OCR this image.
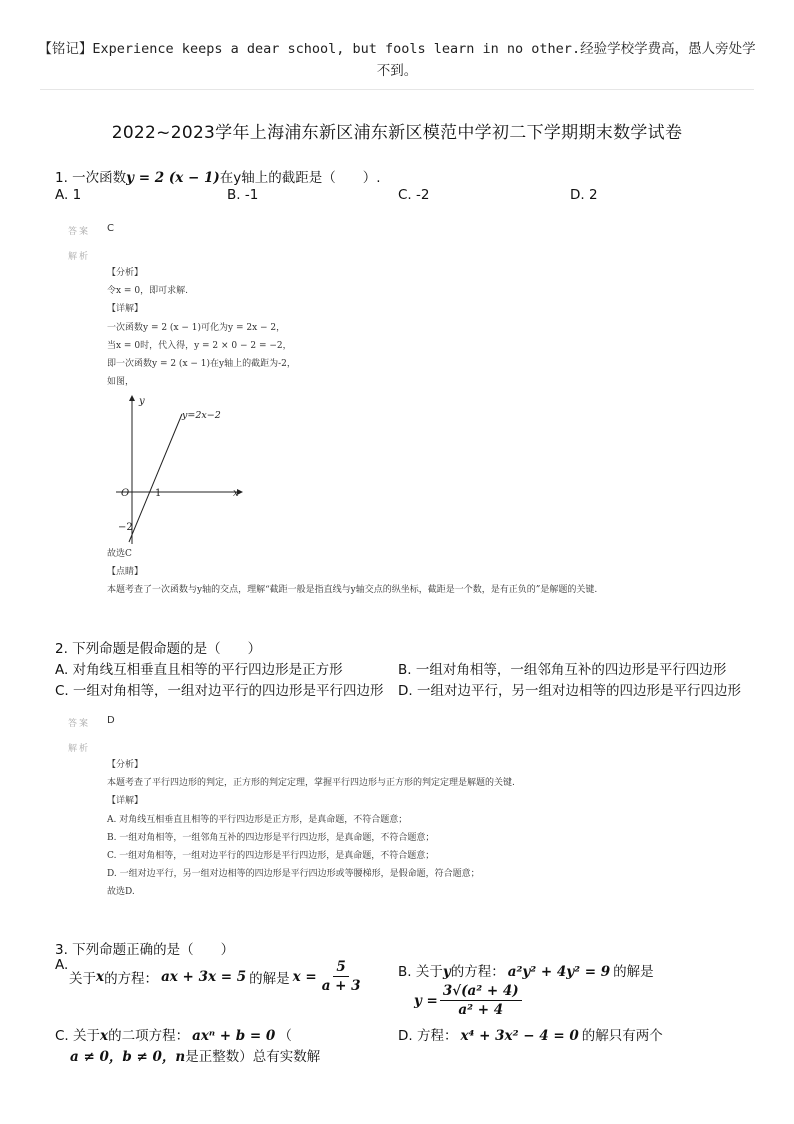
【铭记】Experience keeps a dear school, but fools learn in no other.经验学校学费高，愚人旁处学不到。
2022~2023学年上海浦东新区浦东新区模范中学初二下学期期末数学试卷
1. 一次函数y = 2 (x − 1)在y轴上的截距是（　　）.
A. 1	B. -1	C. -2	D. 2
答案 C
解析
【分析】
令x = 0，即可求解.
【详解】
一次函数y = 2 (x − 1)可化为y = 2x − 2，
当x = 0时，代入得，y = 2 × 0 − 2 = −2，
即一次函数y = 2 (x − 1)在y轴上的截距为-2，
如图，
y
x
O	1
−2
y=2x−2
故选C
【点睛】
本题考查了一次函数与y轴的交点，理解“截距一般是指直线与y轴交点的纵坐标，截距是一个数，是有正负的”是解题的关键.
2. 下列命题是假命题的是（　　）
A. 对角线互相垂直且相等的平行四边形是正方形	B. 一组对角相等，一组邻角互补的四边形是平行四边形
C. 一组对角相等，一组对边平行的四边形是平行四边形 D. 一组对边平行，另一组对边相等的四边形是平行四边形
答案 D
解析
【分析】
本题考查了平行四边形的判定，正方形的判定定理，掌握平行四边形与正方形的判定定理是解题的关键.
【详解】
A. 对角线互相垂直且相等的平行四边形是正方形，是真命题，不符合题意；
B. 一组对角相等，一组邻角互补的四边形是平行四边形，是真命题，不符合题意；
C. 一组对角相等，一组对边平行的四边形是平行四边形，是真命题，不符合题意；
D. 一组对边平行，另一组对边相等的四边形是平行四边形或等腰梯形，是假命题，符合题意；
故选D.
3. 下列命题正确的是（　　）
A.
关于 x 的方程： ax + 3x = 5 的解是 $x = \frac{5}{a + 3}$	B. 关于y的方程： a²y² + 4y² = 9 的解是
$y = \frac{\text{3√(a² + 4)}}{\text{a² + 4}}$
C. 关于x的二项方程： axⁿ + b = 0 （
a ≠ 0，b ≠ 0，n是正整数）总有实数解
D. 方程： x⁴ + 3x² − 4 = 0 的解只有两个
